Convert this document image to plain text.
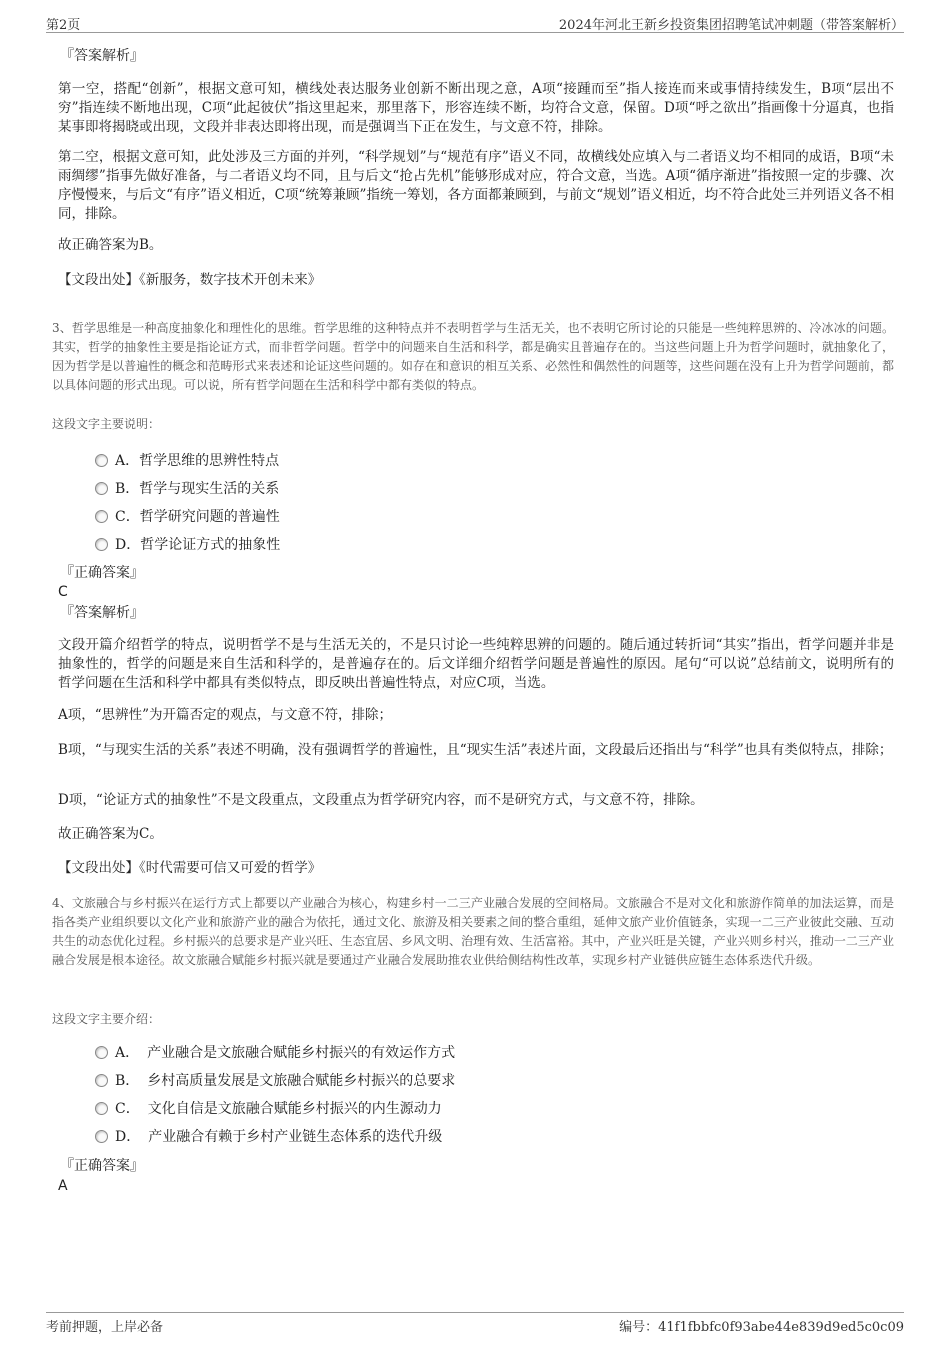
第2页	2024年河北王新乡投资集团招聘笔试冲刺题（带答案解析）
『答案解析』

第一空，搭配“创新”，根据文意可知，横线处表达服务业创新不断出现之意，A项“接踵而至”指人接连而来或事情持续发生，B项“层出不穷”指连续不断地出现，C项“此起彼伏”指这里起来，那里落下，形容连续不断，均符合文意，保留。D项“呼之欲出”指画像十分逼真，也指某事即将揭晓或出现，文段并非表达即将出现，而是强调当下正在发生，与文意不符，排除。

第二空，根据文意可知，此处涉及三方面的并列，“科学规划”与“规范有序”语义不同，故横线处应填入与二者语义均不相同的成语，B项“未雨绸缪”指事先做好准备，与二者语义均不同，且与后文“抢占先机”能够形成对应，符合文意，当选。A项“循序渐进”指按照一定的步骤、次序慢慢来，与后文“有序”语义相近，C项“统筹兼顾”指统一筹划，各方面都兼顾到，与前文“规划”语义相近，均不符合此处三并列语义各不相同，排除。

故正确答案为B。

【文段出处】《新服务，数字技术开创未来》

3、哲学思维是一种高度抽象化和理性化的思维。哲学思维的这种特点并不表明哲学与生活无关，也不表明它所讨论的只能是一些纯粹思辨的、冷冰冰的问题。其实，哲学的抽象性主要是指论证方式，而非哲学问题。哲学中的问题来自生活和科学，都是确实且普遍存在的。当这些问题上升为哲学问题时，就抽象化了，因为哲学是以普遍性的概念和范畴形式来表述和论证这些问题的。如存在和意识的相互关系、必然性和偶然性的问题等，这些问题在没有上升为哲学问题前，都以具体问题的形式出现。可以说，所有哲学问题在生活和科学中都有类似的特点。
这段文字主要说明：
A．哲学思维的思辨性特点
B．哲学与现实生活的关系
C．哲学研究问题的普遍性
D．哲学论证方式的抽象性
『正确答案』
C
『答案解析』

文段开篇介绍哲学的特点，说明哲学不是与生活无关的，不是只讨论一些纯粹思辨的问题的。随后通过转折词“其实”指出，哲学问题并非是抽象性的，哲学的问题是来自生活和科学的，是普遍存在的。后文详细介绍哲学问题是普遍性的原因。尾句“可以说”总结前文，说明所有的哲学问题在生活和科学中都具有类似特点，即反映出普遍性特点，对应C项，当选。

A项，“思辨性”为开篇否定的观点，与文意不符，排除；

B项，“与现实生活的关系”表述不明确，没有强调哲学的普遍性，且“现实生活”表述片面，文段最后还指出与“科学”也具有类似特点，排除；

D项，“论证方式的抽象性”不是文段重点，文段重点为哲学研究内容，而不是研究方式，与文意不符，排除。

故正确答案为C。

【文段出处】《时代需要可信又可爱的哲学》

4、文旅融合与乡村振兴在运行方式上都要以产业融合为核心，构建乡村一二三产业融合发展的空间格局。文旅融合不是对文化和旅游作简单的加法运算，而是指各类产业组织要以文化产业和旅游产业的融合为依托，通过文化、旅游及相关要素之间的整合重组，延伸文旅产业价值链条，实现一二三产业彼此交融、互动共生的动态优化过程。乡村振兴的总要求是产业兴旺、生态宜居、乡风文明、治理有效、生活富裕。其中，产业兴旺是关键，产业兴则乡村兴，推动一二三产业融合发展是根本途径。故文旅融合赋能乡村振兴就是要通过产业融合发展助推农业供给侧结构性改革，实现乡村产业链供应链生态体系迭代升级。
这段文字主要介绍：
A． 产业融合是文旅融合赋能乡村振兴的有效运作方式
B． 乡村高质量发展是文旅融合赋能乡村振兴的总要求
C． 文化自信是文旅融合赋能乡村振兴的内生源动力
D． 产业融合有赖于乡村产业链生态体系的迭代升级
『正确答案』
A
考前押题，上岸必备	编号：41f1fbbfc0f93abe44e839d9ed5c0c09
